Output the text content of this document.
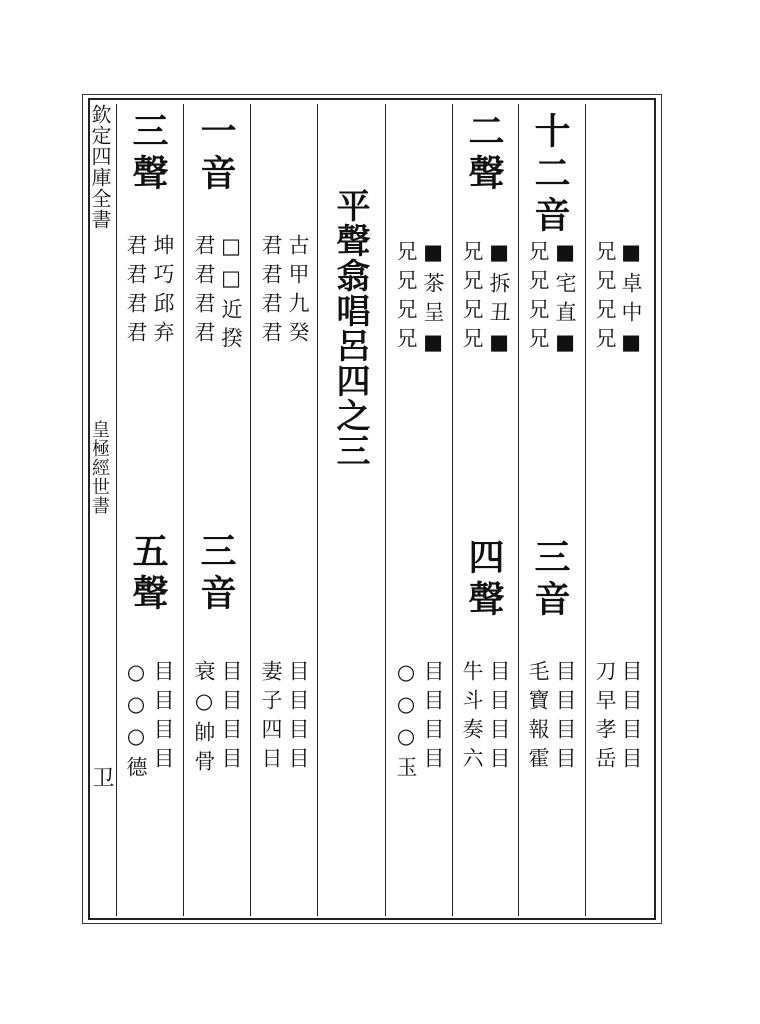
欽定四庫全書
皇極經世書
卫
■卓中■
兄兄兄兄
目目目目
刀早孝岳
十二音
■宅直■
兄兄兄兄
三音
目目目目
毛寶報霍
二聲
■拆丑■
兄兄兄兄
四聲
目目目目
牛斗奏六
■茶呈■
兄兄兄兄
目目目目
○○○玉
平聲翕唱呂四之三
古甲九癸
君君君君
目目目目
妻子四日
一音
□□近揆
君君君君
三音
目目目目
衰○帥骨
三聲
坤巧邱弃
君君君君
五聲
目目目目
○○○德
